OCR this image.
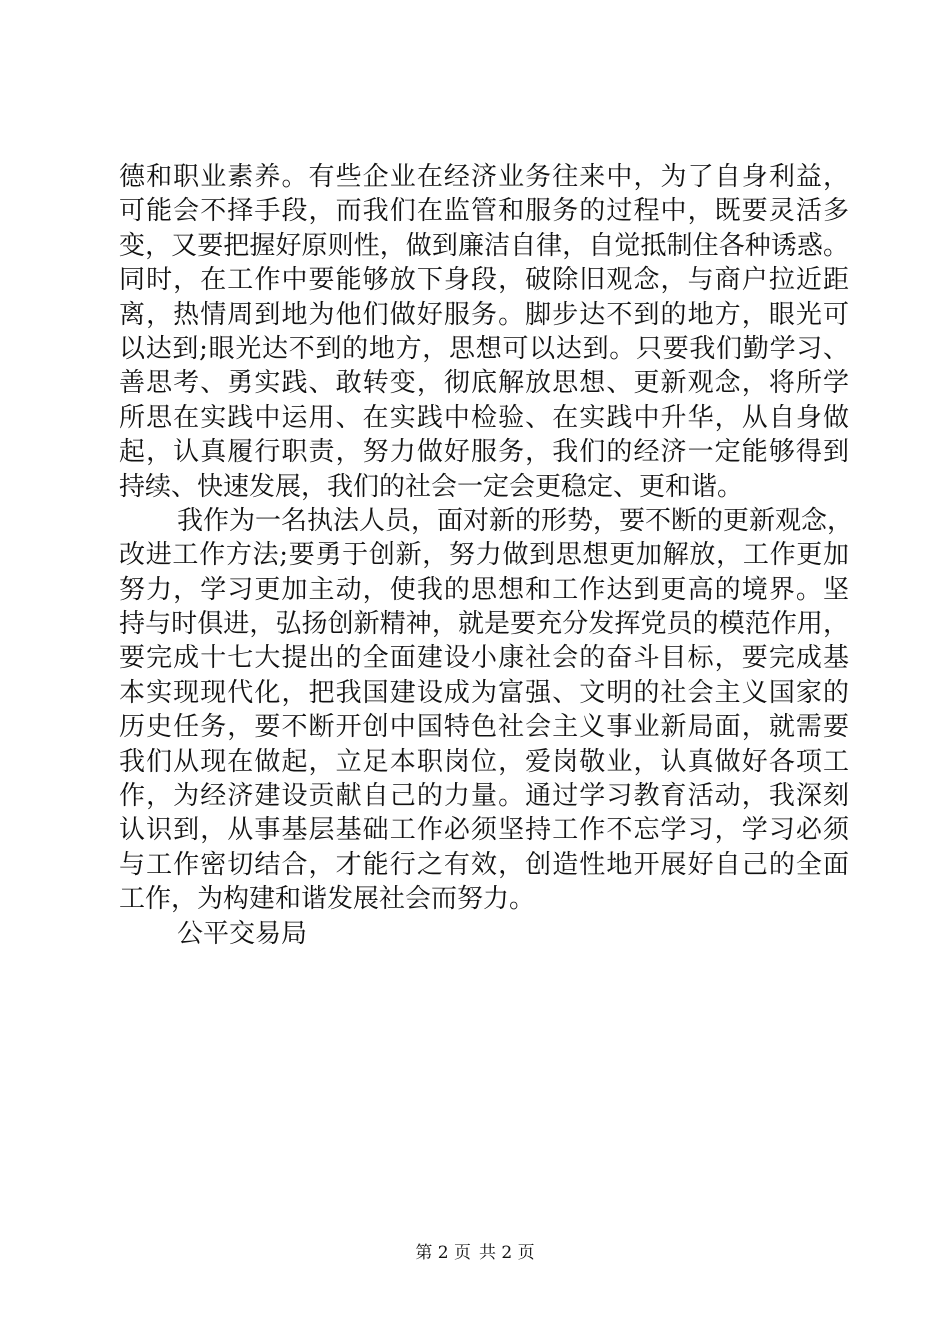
德和职业素养。有些企业在经济业务往来中，为了自身利益，
可能会不择手段，而我们在监管和服务的过程中，既要灵活多
变，又要把握好原则性，做到廉洁自律，自觉抵制住各种诱惑。
同时，在工作中要能够放下身段，破除旧观念，与商户拉近距
离，热情周到地为他们做好服务。脚步达不到的地方，眼光可
以达到;眼光达不到的地方，思想可以达到。只要我们勤学习、
善思考、勇实践、敢转变，彻底解放思想、更新观念，将所学
所思在实践中运用、在实践中检验、在实践中升华，从自身做
起，认真履行职责，努力做好服务，我们的经济一定能够得到
持续、快速发展，我们的社会一定会更稳定、更和谐。
我作为一名执法人员，面对新的形势，要不断的更新观念，
改进工作方法;要勇于创新，努力做到思想更加解放，工作更加
努力，学习更加主动，使我的思想和工作达到更高的境界。坚
持与时俱进，弘扬创新精神，就是要充分发挥党员的模范作用，
要完成十七大提出的全面建设小康社会的奋斗目标，要完成基
本实现现代化，把我国建设成为富强、文明的社会主义国家的
历史任务，要不断开创中国特色社会主义事业新局面，就需要
我们从现在做起，立足本职岗位，爱岗敬业，认真做好各项工
作，为经济建设贡献自己的力量。通过学习教育活动，我深刻
认识到，从事基层基础工作必须坚持工作不忘学习，学习必须
与工作密切结合，才能行之有效，创造性地开展好自己的全面
工作，为构建和谐发展社会而努力。
公平交易局
第 2 页 共 2 页
